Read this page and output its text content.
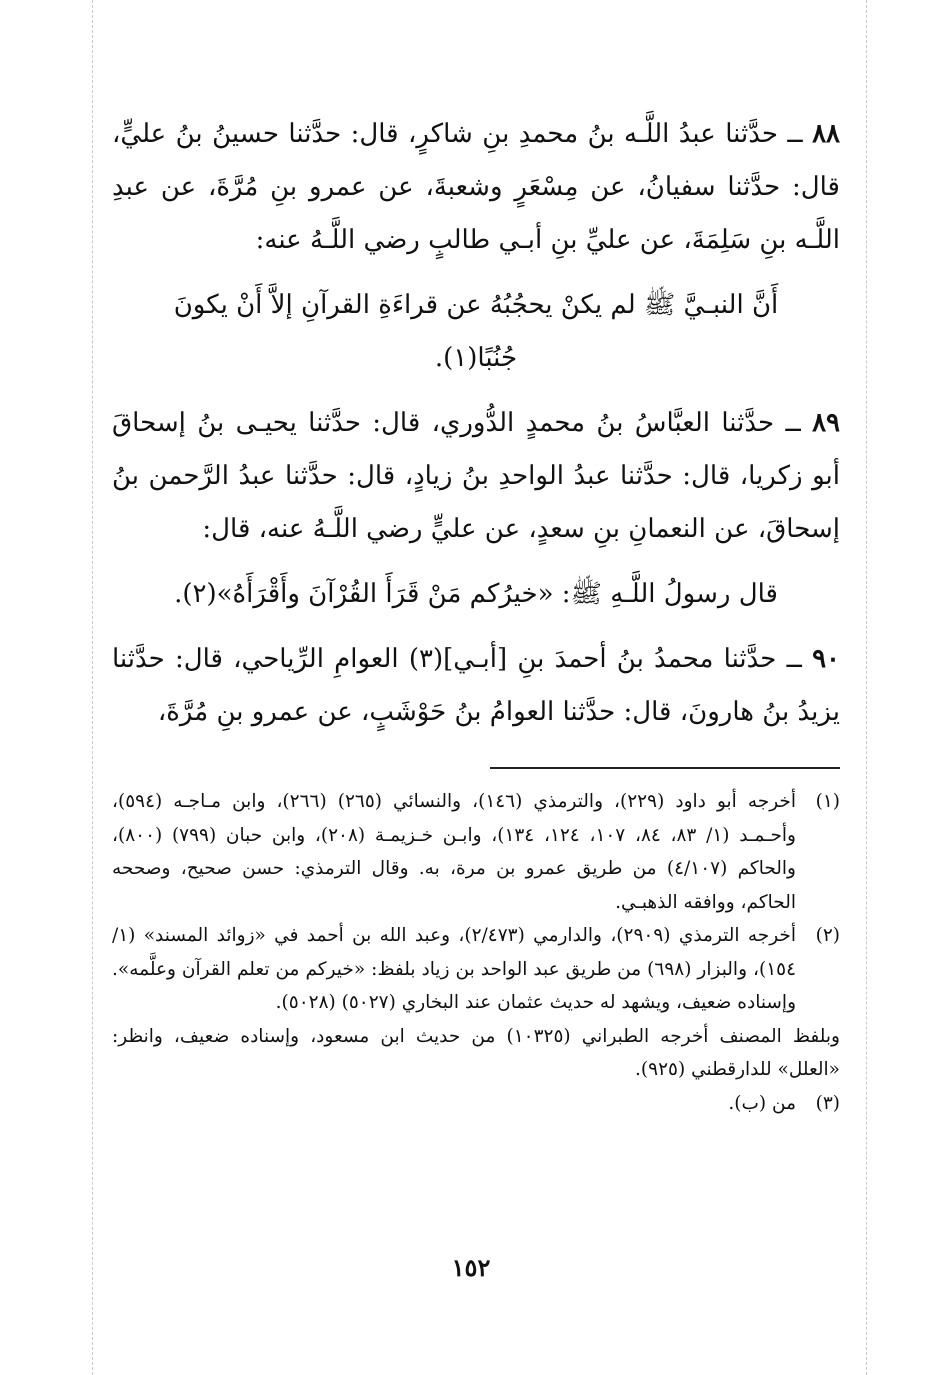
٨٨ ــ حدَّثنا عبدُ اللَّـه بنُ محمدِ بنِ شاكرٍ، قال: حدَّثنا حسينُ بنُ عليٍّ، قال: حدَّثنا سفيانُ، عن مِسْعَرٍ وشعبةَ، عن عمرو بنِ مُرَّةَ، عن عبدِ اللَّـه بنِ سَلِمَةَ، عن عليِّ بنِ أبـي طالبٍ رضي اللَّـهُ عنه:

أَنَّ النبـيَّ ﷺ لم يكنْ يحجُبُهُ عن قراءَةِ القرآنِ إلاَّ أَنْ يكونَ جُنُبًا(١).

٨٩ ــ حدَّثنا العبَّاسُ بنُ محمدٍ الدُّوري، قال: حدَّثنا يحيـى بنُ إسحاقَ أبو زكريا، قال: حدَّثنا عبدُ الواحدِ بنُ زيادٍ، قال: حدَّثنا عبدُ الرَّحمن بنُ إسحاقَ، عن النعمانِ بنِ سعدٍ، عن عليٍّ رضي اللَّـهُ عنه، قال:

قال رسولُ اللَّـهِ ﷺ: «خيرُكم مَنْ قَرَأَ القُرْآنَ وأَقْرَأَهُ»(٢).

٩٠ ــ حدَّثنا محمدُ بنُ أحمدَ بنِ [أبـي](٣) العوامِ الرِّياحي، قال: حدَّثنا يزيدُ بنُ هارونَ، قال: حدَّثنا العوامُ بنُ حَوْشَبٍ، عن عمرو بنِ مُرَّةَ،

(١)
أخرجه أبو داود (٢٢٩)، والترمذي (١٤٦)، والنسائي (٢٦٥) (٢٦٦)، وابن مـاجـه (٥٩٤)، وأحـمـد (١/ ٨٣، ٨٤، ١٠٧، ١٢٤، ١٣٤)، وابـن خـزيمـة (٢٠٨)، وابن حبان (٧٩٩) (٨٠٠)، والحاكم (٤/١٠٧) من طريق عمرو بن مرة، به. وقال الترمذي: حسن صحيح، وصححه الحاكم، ووافقه الذهبـي.

(٢)
أخرجه الترمذي (٢٩٠٩)، والدارمي (٢/٤٧٣)، وعبد الله بن أحمد في «زوائد المسند» (١/ ١٥٤)، والبزار (٦٩٨) من طريق عبد الواحد بن زياد بلفظ: «خيركم من تعلم القرآن وعلَّمه». وإسناده ضعيف، ويشهد له حديث عثمان عند البخاري (٥٠٢٧) (٥٠٢٨).

وبلفظ المصنف أخرجه الطبراني (١٠٣٢٥) من حديث ابن مسعود، وإسناده ضعيف، وانظر: «العلل» للدارقطني (٩٢٥).

(٣)
من (ب).

١٥٢
